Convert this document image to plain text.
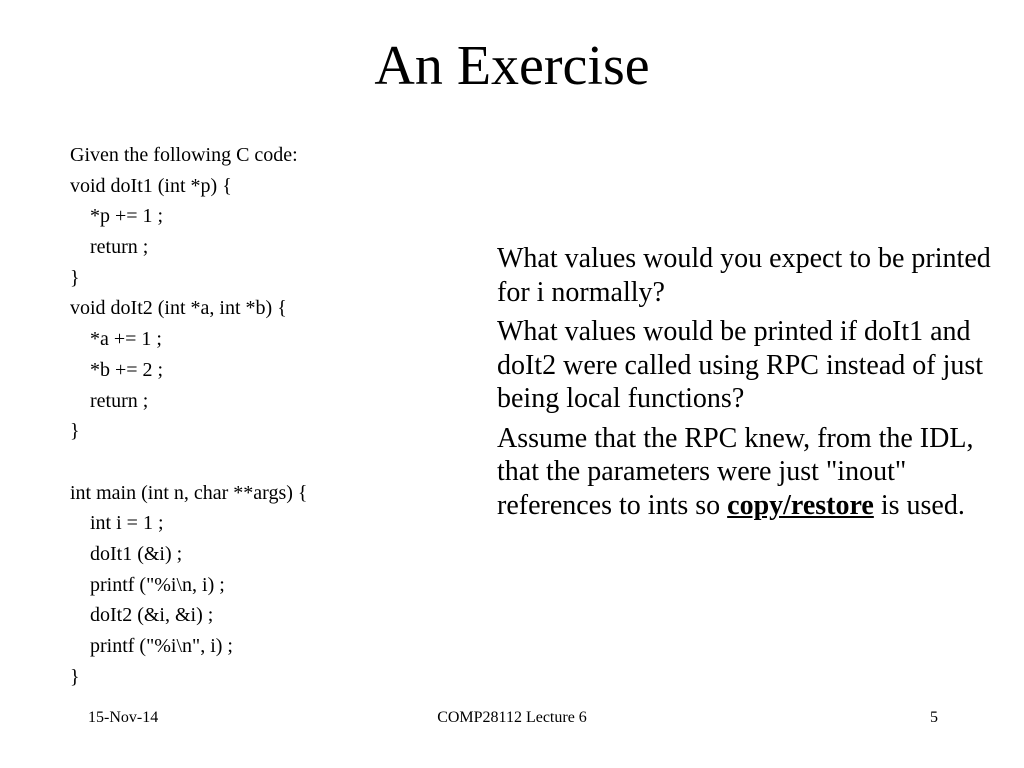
An Exercise
Given the following C code:
void doIt1 (int *p) {
*p += 1 ;
return ;
}
void doIt2 (int *a, int *b) {
*a += 1 ;
*b += 2 ;
return ;
}
int main (int n, char **args) {
int i = 1 ;
doIt1 (&i) ;
printf ("%i\n, i) ;
doIt2 (&i, &i) ;
printf ("%i\n", i) ;
}

What values would you expect to be printed for i normally?

What values would be printed if doIt1 and doIt2 were called using RPC instead of just being local functions?

Assume that the RPC knew, from the IDL, that the parameters were just "inout" references to ints so copy/restore is used.

15-Nov-14	COMP28112 Lecture 6	5
